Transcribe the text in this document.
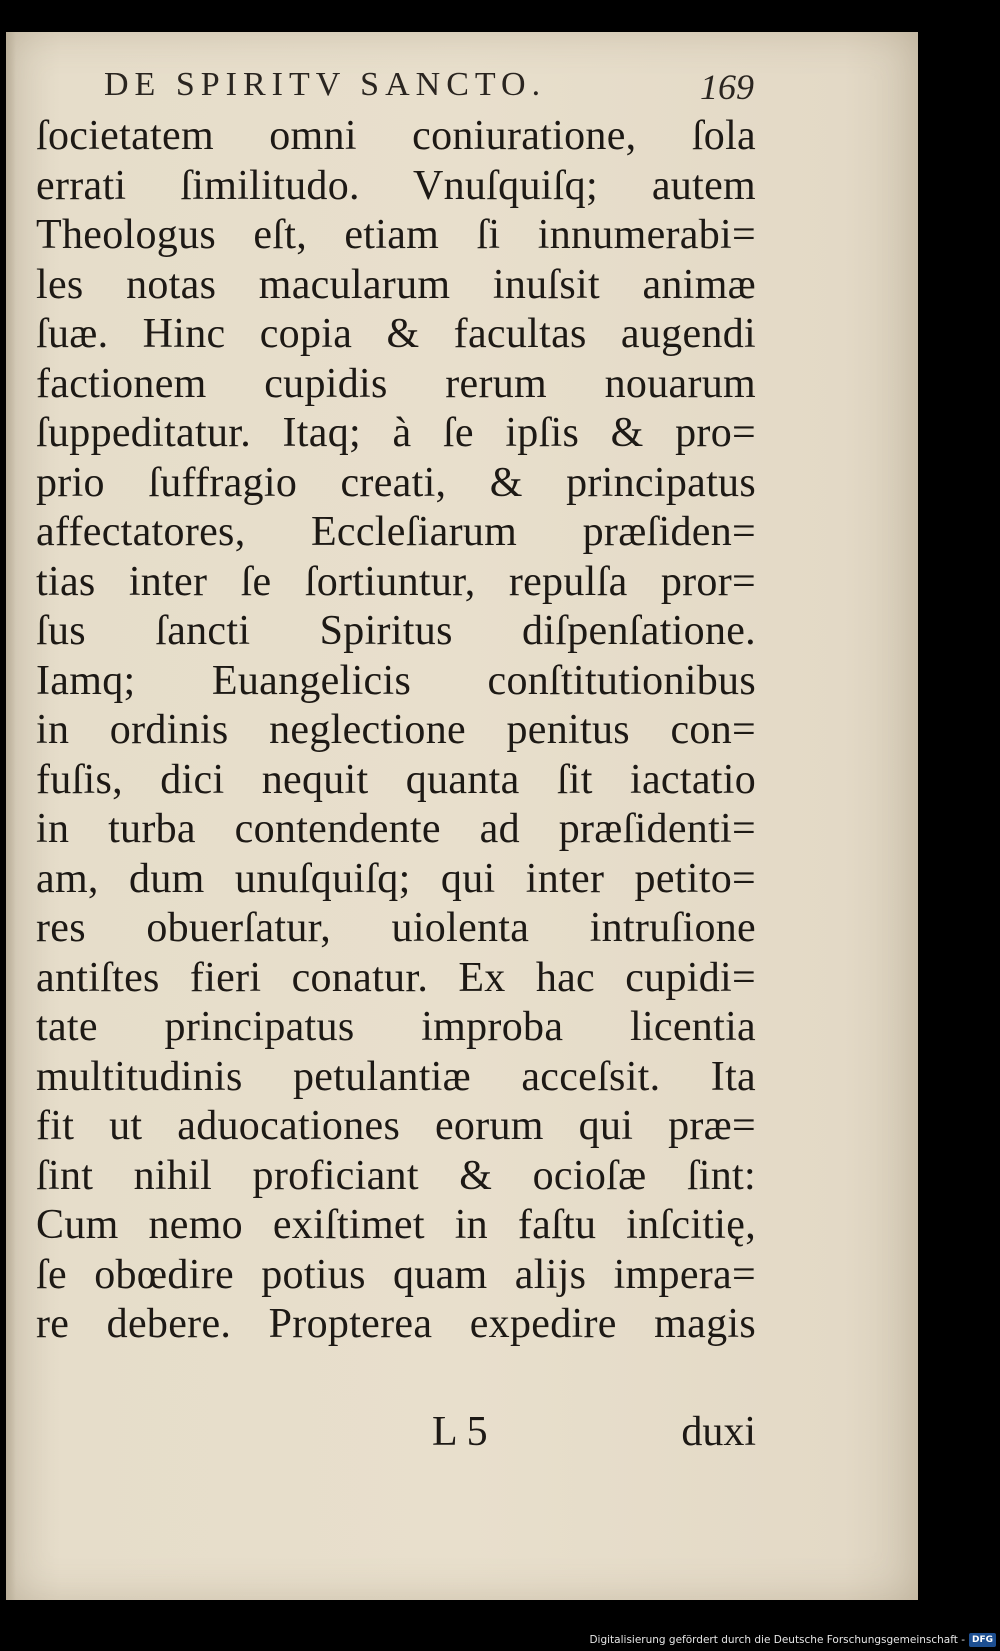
DE SPIRITV SANCTO.	169
ſocietatem omni coniuratione, ſola
errati ſimilitudo. Vnuſquiſq; autem
Theologus eſt, etiam ſi innumerabi=
les notas macularum inuſsit animæ
ſuæ. Hinc copia & facultas augendi
factionem cupidis rerum nouarum
ſuppeditatur. Itaq; à ſe ipſis & pro=
prio ſuffragio creati, & principatus
affectatores, Eccleſiarum præſiden=
tias inter ſe ſortiuntur, repulſa pror=
ſus ſancti Spiritus diſpenſatione.
Iamq; Euangelicis conſtitutionibus
in ordinis neglectione penitus con=
fuſis, dici nequit quanta ſit iactatio
in turba contendente ad præſidenti=
am, dum unuſquiſq; qui inter petito=
res obuerſatur, uiolenta intruſione
antiſtes fieri conatur. Ex hac cupidi=
tate principatus improba licentia
multitudinis petulantiæ acceſsit. Ita
fit ut aduocationes eorum qui præ=
ſint nihil proficiant & ocioſæ ſint:
Cum nemo exiſtimet in faſtu inſcitię,
ſe obœdire potius quam alijs impera=
re debere. Propterea expedire magis
L 5	duxi
Digitalisierung gefördert durch die Deutsche Forschungsgemeinschaft - DFG
